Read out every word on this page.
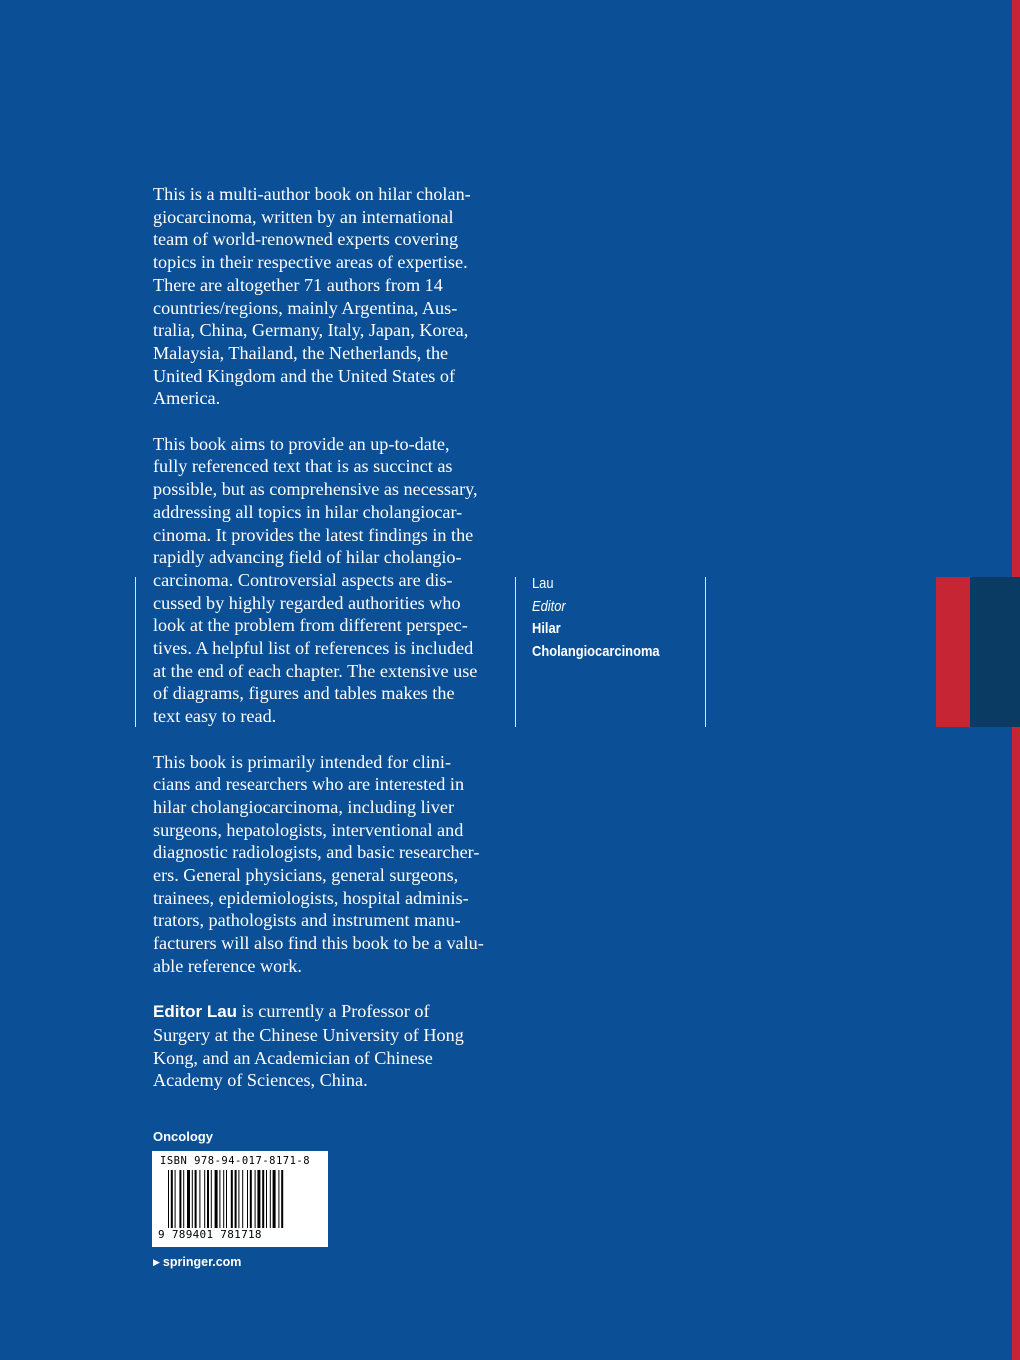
This is a multi-author book on hilar cholan-
giocarcinoma, written by an international
team of world-renowned experts covering
topics in their respective areas of expertise.
There are altogether 71 authors from 14
countries/regions, mainly Argentina, Aus-
tralia, China, Germany, Italy, Japan, Korea,
Malaysia, Thailand, the Netherlands, the
United Kingdom and the United States of
America.

This book aims to provide an up-to-date,
fully referenced text that is as succinct as
possible, but as comprehensive as necessary,
addressing all topics in hilar cholangiocar-
cinoma. It provides the latest findings in the
rapidly advancing field of hilar cholangio-
carcinoma. Controversial aspects are dis-
cussed by highly regarded authorities who
look at the problem from different perspec-
tives. A helpful list of references is included
at the end of each chapter. The extensive use
of diagrams, figures and tables makes the
text easy to read.

This book is primarily intended for clini-
cians and researchers who are interested in
hilar cholangiocarcinoma, including liver
surgeons, hepatologists, interventional and
diagnostic radiologists, and basic researcher-
ers. General physicians, general surgeons,
trainees, epidemiologists, hospital adminis-
trators, pathologists and instrument manu-
facturers will also find this book to be a valu-
able reference work.

Editor Lau is currently a Professor of
Surgery at the Chinese University of Hong
Kong, and an Academician of Chinese
Academy of Sciences, China.

Lau
Editor
Hilar
Cholangiocarcinoma
Oncology
ISBN 978-94-017-8171-8
9 789401 781718
▶ springer.com
